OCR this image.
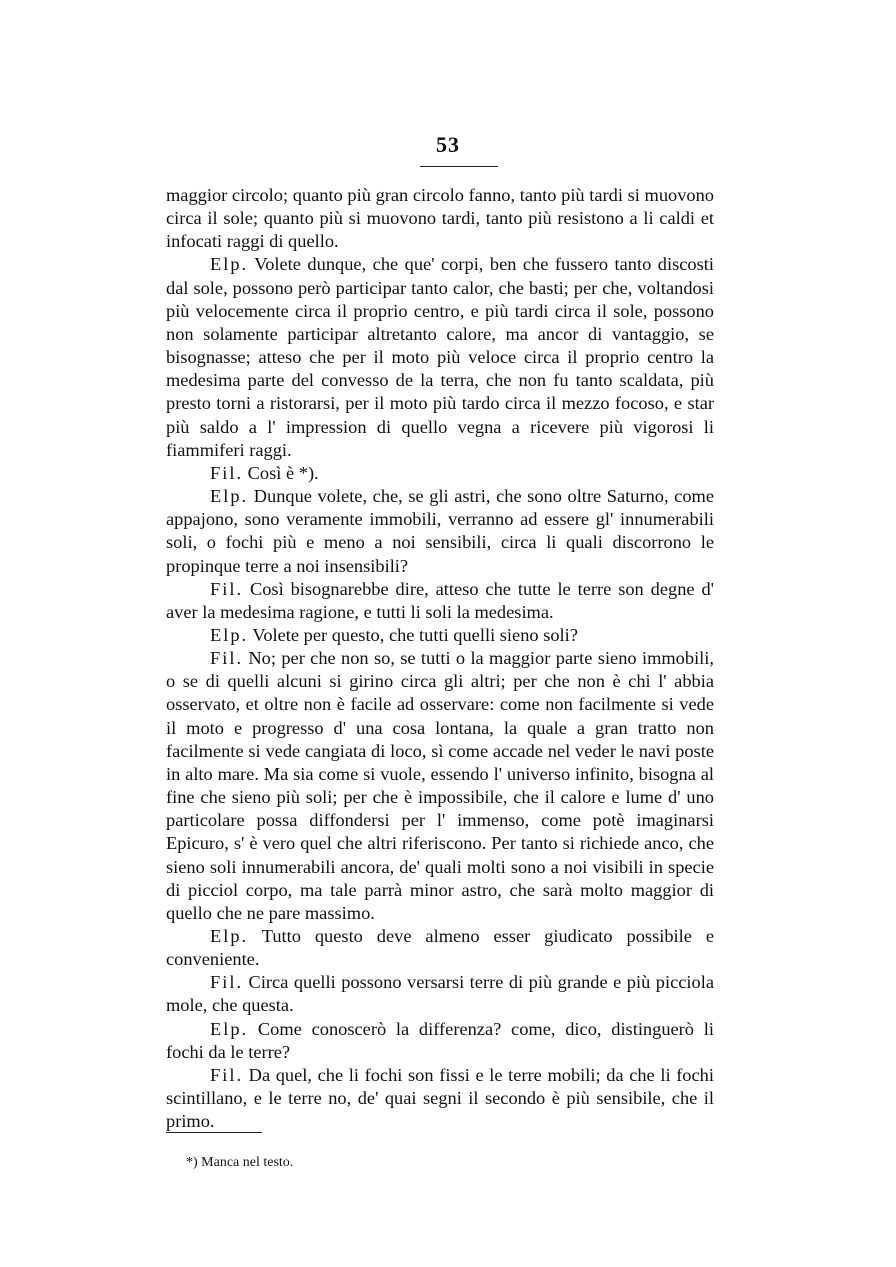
53

maggior circolo; quanto più gran circolo fanno, tanto più tardi si muovono circa il sole; quanto più si muovono tardi, tanto più resistono a li caldi et infocati raggi di quello.

Elp. Volete dunque, che que' corpi, ben che fussero tanto discosti dal sole, possono però participar tanto calor, che basti; per che, voltandosi più velocemente circa il proprio centro, e più tardi circa il sole, possono non solamente participar altretanto calore, ma ancor di vantaggio, se bisognasse; atteso che per il moto più veloce circa il proprio centro la medesima parte del convesso de la terra, che non fu tanto scaldata, più presto torni a ristorarsi, per il moto più tardo circa il mezzo focoso, e star più saldo a l' impression di quello vegna a ricevere più vigorosi li fiammiferi raggi.

Fil. Così è *).

Elp. Dunque volete, che, se gli astri, che sono oltre Saturno, come appajono, sono veramente immobili, verranno ad essere gl' innumerabili soli, o fochi più e meno a noi sensibili, circa li quali discorrono le propinque terre a noi insensibili?

Fil. Così bisognarebbe dire, atteso che tutte le terre son degne d' aver la medesima ragione, e tutti li soli la medesima.

Elp. Volete per questo, che tutti quelli sieno soli?

Fil. No; per che non so, se tutti o la maggior parte sieno immobili, o se di quelli alcuni si girino circa gli altri; per che non è chi l' abbia osservato, et oltre non è facile ad osservare: come non facilmente si vede il moto e progresso d' una cosa lontana, la quale a gran tratto non facilmente si vede cangiata di loco, sì come accade nel veder le navi poste in alto mare. Ma sia come si vuole, essendo l' universo infinito, bisogna al fine che sieno più soli; per che è impossibile, che il calore e lume d' uno particolare possa diffondersi per l' immenso, come potè imaginarsi Epicuro, s' è vero quel che altri riferiscono. Per tanto si richiede anco, che sieno soli innumerabili ancora, de' quali molti sono a noi visibili in specie di picciol corpo, ma tale parrà minor astro, che sarà molto maggior di quello che ne pare massimo.

Elp. Tutto questo deve almeno esser giudicato possibile e conveniente.

Fil. Circa quelli possono versarsi terre di più grande e più picciola mole, che questa.

Elp. Come conoscerò la differenza? come, dico, distinguerò li fochi da le terre?

Fil. Da quel, che li fochi son fissi e le terre mobili; da che li fochi scintillano, e le terre no, de' quai segni il secondo è più sensibile, che il primo.

*) Manca nel testo.
